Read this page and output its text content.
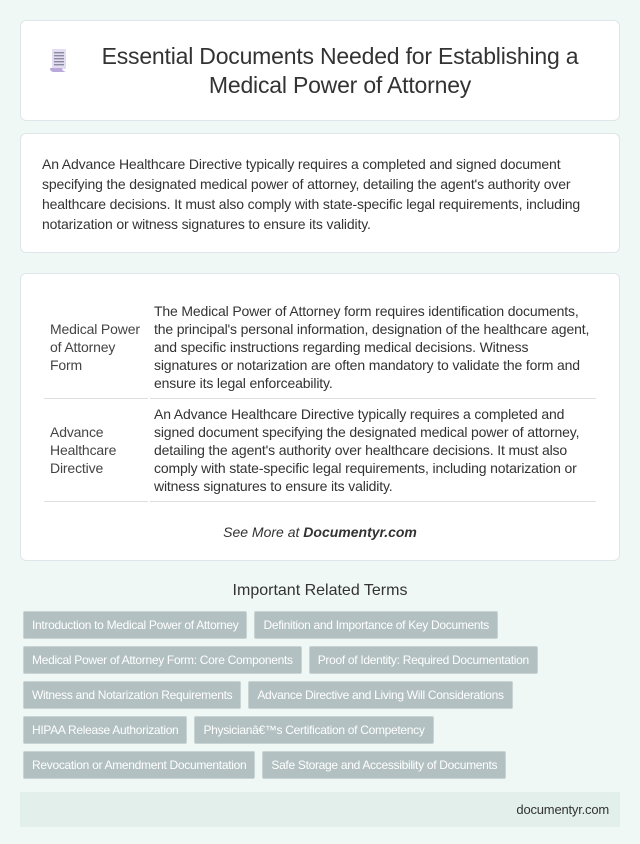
Essential Documents Needed for Establishing a Medical Power of Attorney

An Advance Healthcare Directive typically requires a completed and signed document specifying the designated medical power of attorney, detailing the agent's authority over healthcare decisions. It must also comply with state-specific legal requirements, including notarization or witness signatures to ensure its validity.

Medical Power of Attorney Form	The Medical Power of Attorney form requires identification documents, the principal's personal information, designation of the healthcare agent, and specific instructions regarding medical decisions. Witness signatures or notarization are often mandatory to validate the form and ensure its legal enforceability.
Advance Healthcare Directive	An Advance Healthcare Directive typically requires a completed and signed document specifying the designated medical power of attorney, detailing the agent's authority over healthcare decisions. It must also comply with state-specific legal requirements, including notarization or witness signatures to ensure its validity.
See More at Documentyr.com
Important Related Terms
Introduction to Medical Power of Attorney	Definition and Importance of Key Documents
Medical Power of Attorney Form: Core Components	Proof of Identity: Required Documentation
Witness and Notarization Requirements	Advance Directive and Living Will Considerations
HIPAA Release Authorization	Physicianâ€™s Certification of Competency
Revocation or Amendment Documentation	Safe Storage and Accessibility of Documents
documentyr.com
